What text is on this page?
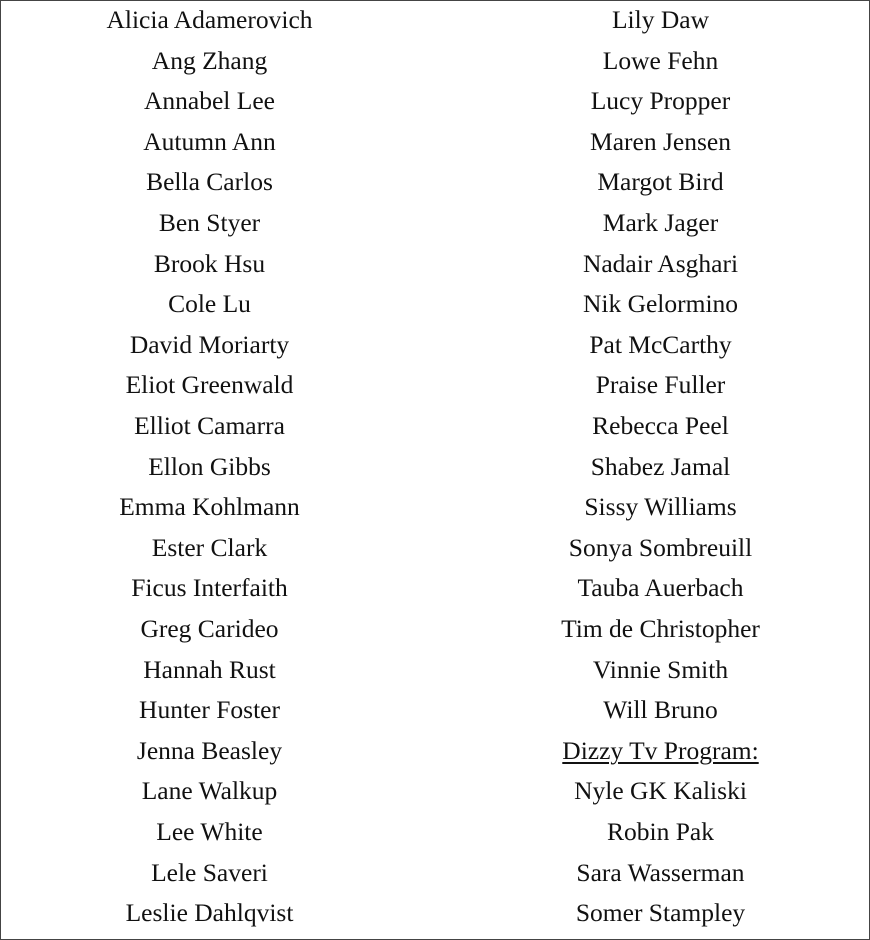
Alicia Adamerovich
Ang Zhang
Annabel Lee
Autumn Ann
Bella Carlos
Ben Styer
Brook Hsu
Cole Lu
David Moriarty
Eliot Greenwald
Elliot Camarra
Ellon Gibbs
Emma Kohlmann
Ester Clark
Ficus Interfaith
Greg Carideo
Hannah Rust
Hunter Foster
Jenna Beasley
Lane Walkup
Lee White
Lele Saveri
Leslie Dahlqvist
Lily Daw
Lowe Fehn
Lucy Propper
Maren Jensen
Margot Bird
Mark Jager
Nadair Asghari
Nik Gelormino
Pat McCarthy
Praise Fuller
Rebecca Peel
Shabez Jamal
Sissy Williams
Sonya Sombreuill
Tauba Auerbach
Tim de Christopher
Vinnie Smith
Will Bruno
Dizzy Tv Program:
Nyle GK Kaliski
Robin Pak
Sara Wasserman
Somer Stampley
